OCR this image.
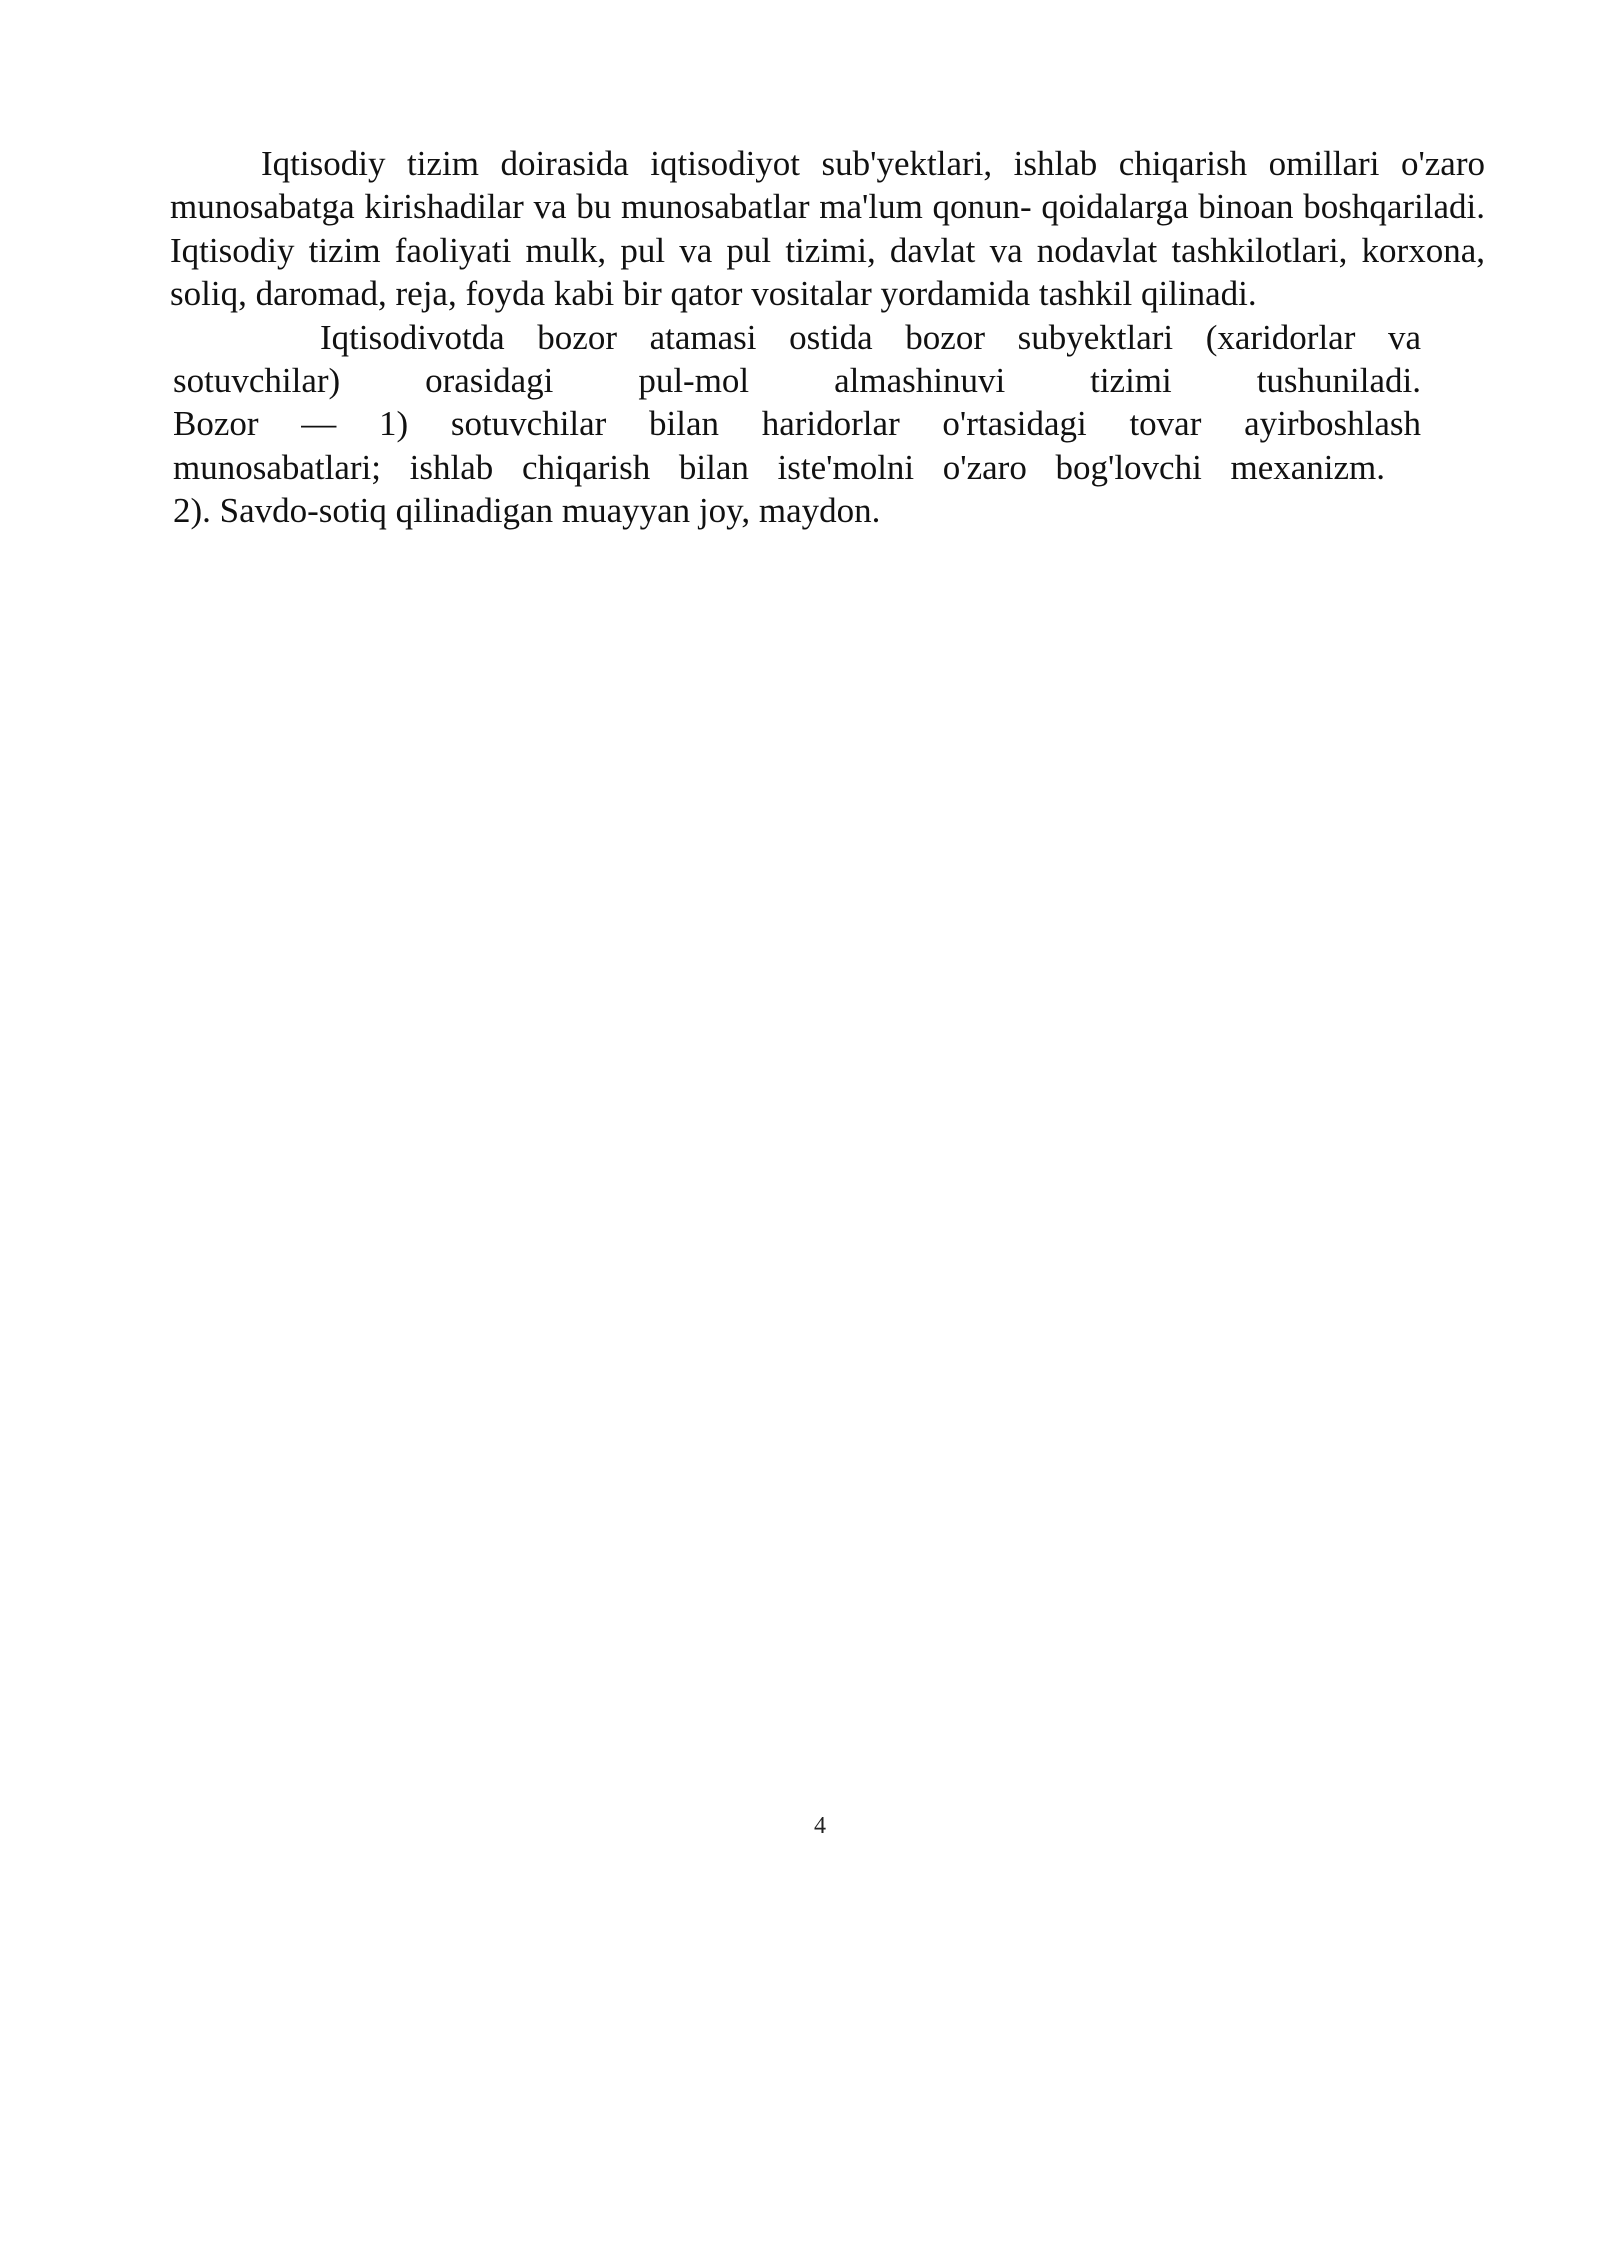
Iqtisodiy tizim doirasida iqtisodiyot sub'yektlari, ishlab chiqarish omillari o'zaro munosabatga kirishadilar va bu munosabatlar ma'lum qonun- qoidalarga binoan boshqariladi. Iqtisodiy tizim faoliyati mulk, pul va pul tizimi, davlat va nodavlat tashkilotlari, korxona, soliq, daromad, reja, foyda kabi bir qator vositalar yordamida tashkil qilinadi.

Iqtisodivotda bozor atamasi ostida bozor subyektlari (xaridorlar va
sotuvchilar) orasidagi pul-mol almashinuvi tizimi tushuniladi.
Bozor — 1) sotuvchilar bilan haridorlar o'rtasidagi tovar ayirboshlash
munosabatlari; ishlab chiqarish bilan iste'molni o'zaro bog'lovchi mexanizm.
2). Savdo-sotiq qilinadigan muayyan joy, maydon.
4
